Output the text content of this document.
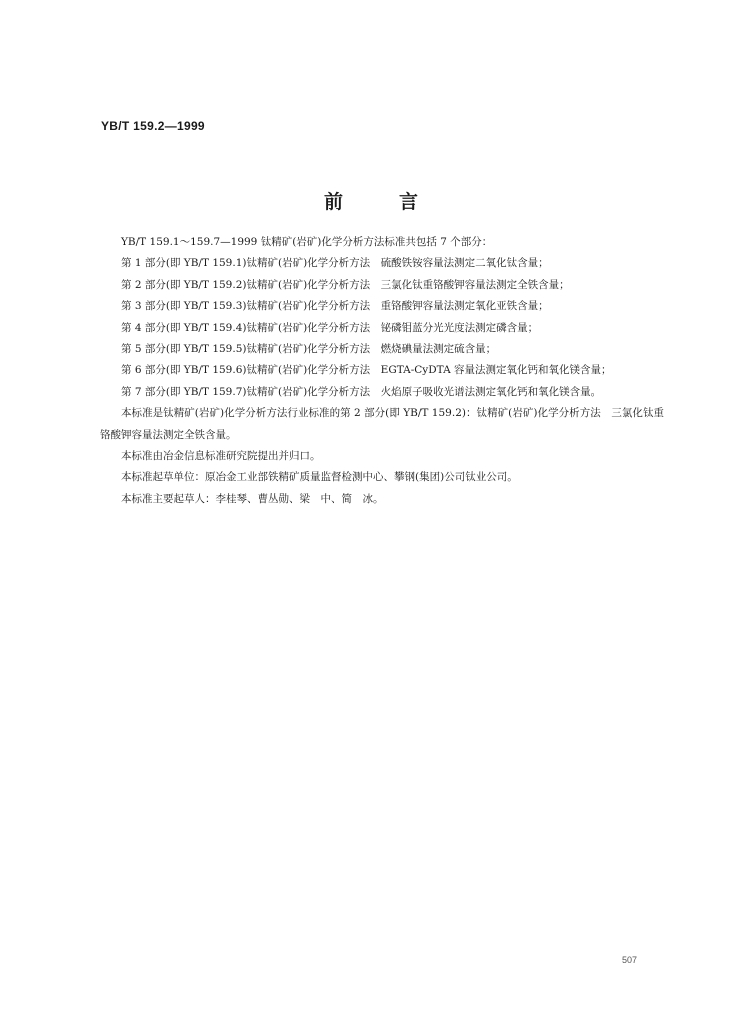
YB/T 159.2—1999
前言

YB/T 159.1～159.7—1999 钛精矿(岩矿)化学分析方法标准共包括 7 个部分：

第 1 部分(即 YB/T 159.1)钛精矿(岩矿)化学分析方法　硫酸铁铵容量法测定二氧化钛含量；

第 2 部分(即 YB/T 159.2)钛精矿(岩矿)化学分析方法　三氯化钛重铬酸钾容量法测定全铁含量；

第 3 部分(即 YB/T 159.3)钛精矿(岩矿)化学分析方法　重铬酸钾容量法测定氧化亚铁含量；

第 4 部分(即 YB/T 159.4)钛精矿(岩矿)化学分析方法　铋磷钼蓝分光光度法测定磷含量；

第 5 部分(即 YB/T 159.5)钛精矿(岩矿)化学分析方法　燃烧碘量法测定硫含量；

第 6 部分(即 YB/T 159.6)钛精矿(岩矿)化学分析方法　EGTA-CyDTA 容量法测定氧化钙和氧化镁含量；

第 7 部分(即 YB/T 159.7)钛精矿(岩矿)化学分析方法　火焰原子吸收光谱法测定氧化钙和氧化镁含量。

本标准是钛精矿(岩矿)化学分析方法行业标准的第 2 部分(即 YB/T 159.2)：钛精矿(岩矿)化学分析方法　三氯化钛重铬酸钾容量法测定全铁含量。

本标准由冶金信息标准研究院提出并归口。

本标准起草单位：原冶金工业部铁精矿质量监督检测中心、攀钢(集团)公司钛业公司。

本标准主要起草人：李桂琴、曹丛勋、梁　中、简　冰。

507
